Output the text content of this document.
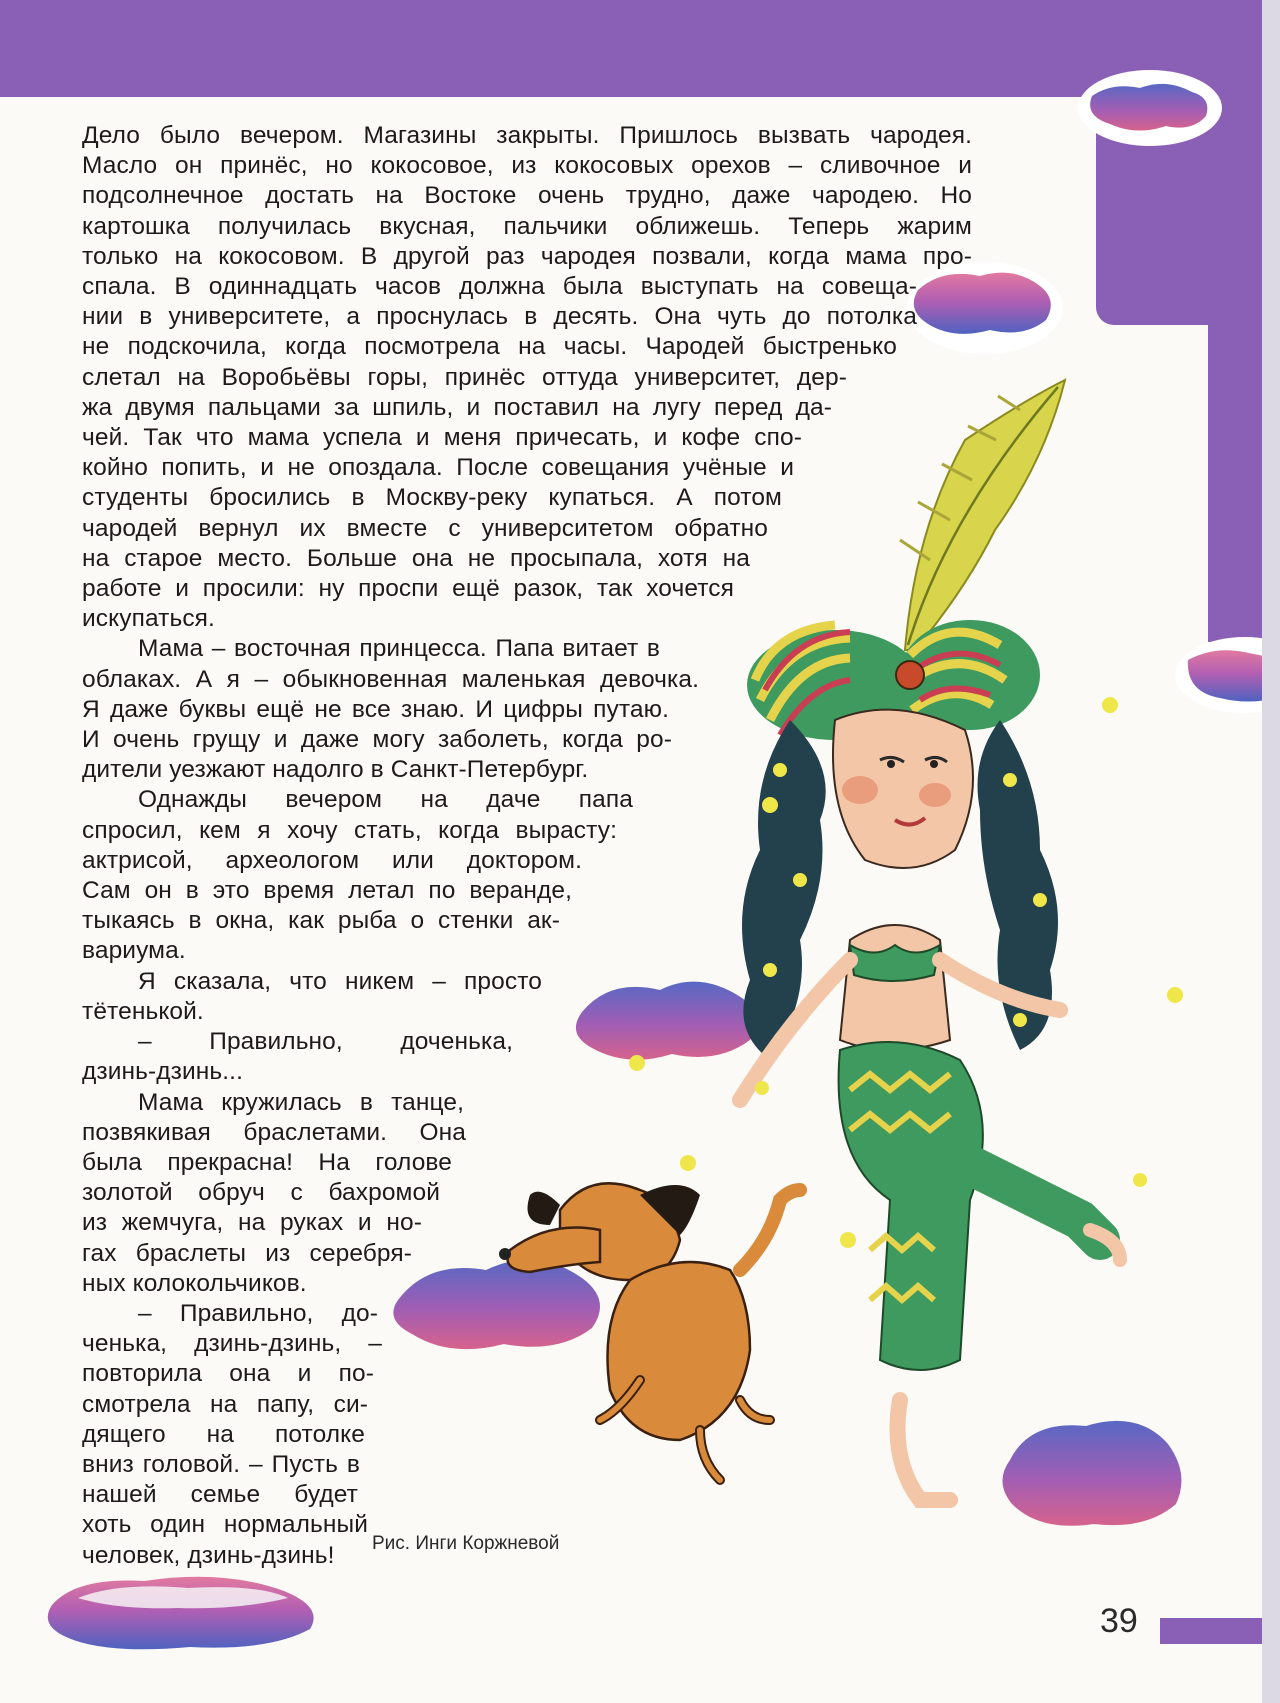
Дело было вечером. Магазины закрыты. Пришлось вызвать чародея.
Масло он принёс, но кокосовое, из кокосовых орехов – сливочное и
подсолнечное достать на Востоке очень трудно, даже чародею. Но
картошка получилась вкусная, пальчики оближешь. Теперь жарим
только на кокосовом. В другой раз чародея позвали, когда мама про-
спала. В одиннадцать часов должна была выступать на совеща-
нии в университете, а проснулась в десять. Она чуть до потолка
не подскочила, когда посмотрела на часы. Чародей быстренько
слетал на Воробьёвы горы, принёс оттуда университет, дер-
жа двумя пальцами за шпиль, и поставил на лугу перед да-
чей. Так что мама успела и меня причесать, и кофе спо-
койно попить, и не опоздала. После совещания учёные и
студенты бросились в Москву-реку купаться. А потом
чародей вернул их вместе с университетом обратно
на старое место. Больше она не просыпала, хотя на
работе и просили: ну проспи ещё разок, так хочется
искупаться.

Мама – восточная принцесса. Папа витает в
облаках. А я – обыкновенная маленькая девочка.
Я даже буквы ещё не все знаю. И цифры путаю.
И очень грущу и даже могу заболеть, когда ро-
дители уезжают надолго в Санкт-Петербург.

Однажды вечером на даче папа
спросил, кем я хочу стать, когда вырасту:
актрисой, археологом или доктором.
Сам он в это время летал по веранде,
тыкаясь в окна, как рыба о стенки ак-
вариума.

Я сказала, что никем – просто
тётенькой.

– Правильно, доченька,
дзинь-дзинь...

Мама кружилась в танце,
позвякивая браслетами. Она
была прекрасна! На голове
золотой обруч с бахромой
из жемчуга, на руках и но-
гах браслеты из серебря-
ных колокольчиков.

– Правильно, до-
ченька, дзинь-дзинь, –
повторила она и по-
смотрела на папу, си-
дящего на потолке
вниз головой. – Пусть в
нашей семье будет
хоть один нормальный
человек, дзинь-дзинь!	Рис. Инги Коржневой
39
